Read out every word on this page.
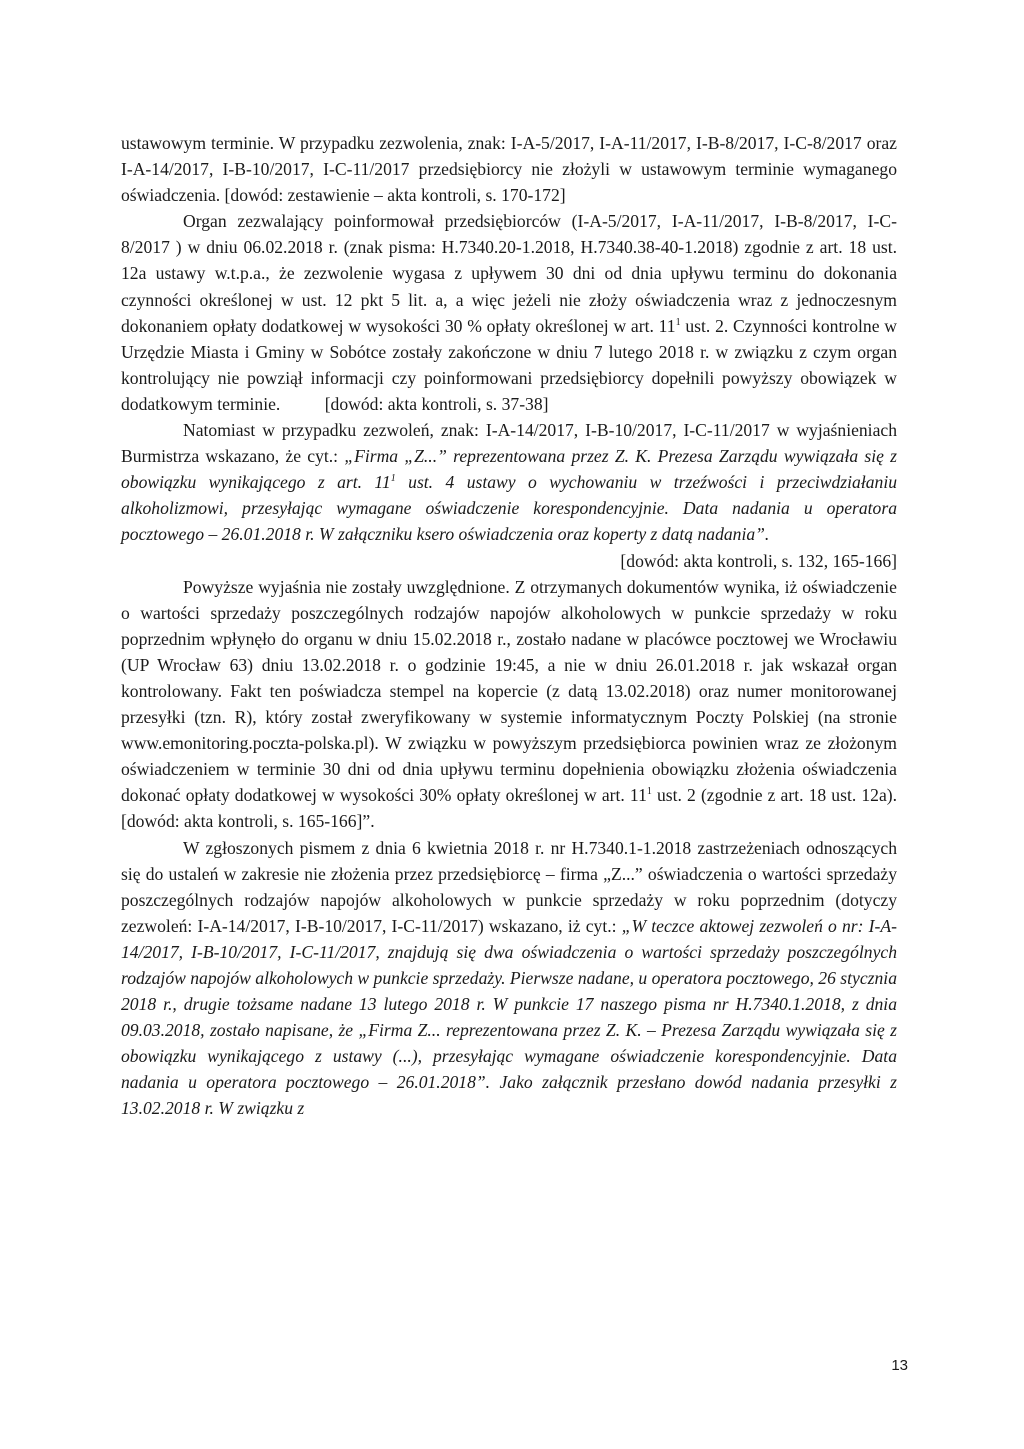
ustawowym terminie. W przypadku zezwolenia, znak: I-A-5/2017, I-A-11/2017, I-B-8/2017, I-C-8/2017 oraz I-A-14/2017, I-B-10/2017, I-C-11/2017 przedsiębiorcy nie złożyli w ustawowym terminie wymaganego oświadczenia. [dowód: zestawienie – akta kontroli, s. 170-172]

Organ zezwalający poinformował przedsiębiorców (I-A-5/2017, I-A-11/2017, I-B-8/2017, I-C-8/2017 ) w dniu 06.02.2018 r. (znak pisma: H.7340.20-1.2018, H.7340.38-40-1.2018) zgodnie z art. 18 ust. 12a ustawy w.t.p.a., że zezwolenie wygasa z upływem 30 dni od dnia upływu terminu do dokonania czynności określonej w ust. 12 pkt 5 lit. a, a więc jeżeli nie złoży oświadczenia wraz z jednoczesnym dokonaniem opłaty dodatkowej w wysokości 30 % opłaty określonej w art. $11^1$ ust. 2. Czynności kontrolne w Urzędzie Miasta i Gminy w Sobótce zostały zakończone w dniu 7 lutego 2018 r. w związku z czym organ kontrolujący nie powziął informacji czy poinformowani przedsiębiorcy dopełnili powyższy obowiązek w dodatkowym terminie.	[dowód: akta kontroli, s. 37-38]

Natomiast w przypadku zezwoleń, znak: I-A-14/2017, I-B-10/2017, I-C-11/2017 w wyjaśnieniach Burmistrza wskazano, że cyt.: „Firma „Z...” reprezentowana przez Z. K. Prezesa Zarządu wywiązała się z obowiązku wynikającego z art. $11^1$ ust. 4 ustawy o wychowaniu w trzeźwości i przeciwdziałaniu alkoholizmowi, przesyłając wymagane oświadczenie korespondencyjnie. Data nadania u operatora pocztowego – 26.01.2018 r. W załączniku ksero oświadczenia oraz koperty z datą nadania”.

[dowód: akta kontroli, s. 132, 165-166]

Powyższe wyjaśnia nie zostały uwzględnione. Z otrzymanych dokumentów wynika, iż oświadczenie o wartości sprzedaży poszczególnych rodzajów napojów alkoholowych w punkcie sprzedaży w roku poprzednim wpłynęło do organu w dniu 15.02.2018 r., zostało nadane w placówce pocztowej we Wrocławiu (UP Wrocław 63) dniu 13.02.2018 r. o godzinie 19:45, a nie w dniu 26.01.2018 r. jak wskazał organ kontrolowany. Fakt ten poświadcza stempel na kopercie (z datą 13.02.2018) oraz numer monitorowanej przesyłki (tzn. R), który został zweryfikowany w systemie informatycznym Poczty Polskiej (na stronie www.emonitoring.poczta-polska.pl). W związku w powyższym przedsiębiorca powinien wraz ze złożonym oświadczeniem w terminie 30 dni od dnia upływu terminu dopełnienia obowiązku złożenia oświadczenia dokonać opłaty dodatkowej w wysokości 30% opłaty określonej w art. $11^1$ ust. 2 (zgodnie z art. 18 ust. 12a). [dowód: akta kontroli, s. 165-166]”.

W zgłoszonych pismem z dnia 6 kwietnia 2018 r. nr H.7340.1-1.2018 zastrzeżeniach odnoszących się do ustaleń w zakresie nie złożenia przez przedsiębiorcę – firma „Z...” oświadczenia o wartości sprzedaży poszczególnych rodzajów napojów alkoholowych w punkcie sprzedaży w roku poprzednim (dotyczy zezwoleń: I-A-14/2017, I-B-10/2017, I-C-11/2017) wskazano, iż cyt.: „W teczce aktowej zezwoleń o nr: I-A-14/2017, I-B-10/2017, I-C-11/2017, znajdują się dwa oświadczenia o wartości sprzedaży poszczególnych rodzajów napojów alkoholowych w punkcie sprzedaży. Pierwsze nadane, u operatora pocztowego, 26 stycznia 2018 r., drugie tożsame nadane 13 lutego 2018 r. W punkcie 17 naszego pisma nr H.7340.1.2018, z dnia 09.03.2018, zostało napisane, że „Firma Z... reprezentowana przez Z. K. – Prezesa Zarządu wywiązała się z obowiązku wynikającego z ustawy (...), przesyłając wymagane oświadczenie korespondencyjnie. Data nadania u operatora pocztowego – 26.01.2018”. Jako załącznik przesłano dowód nadania przesyłki z 13.02.2018 r. W związku z

13
